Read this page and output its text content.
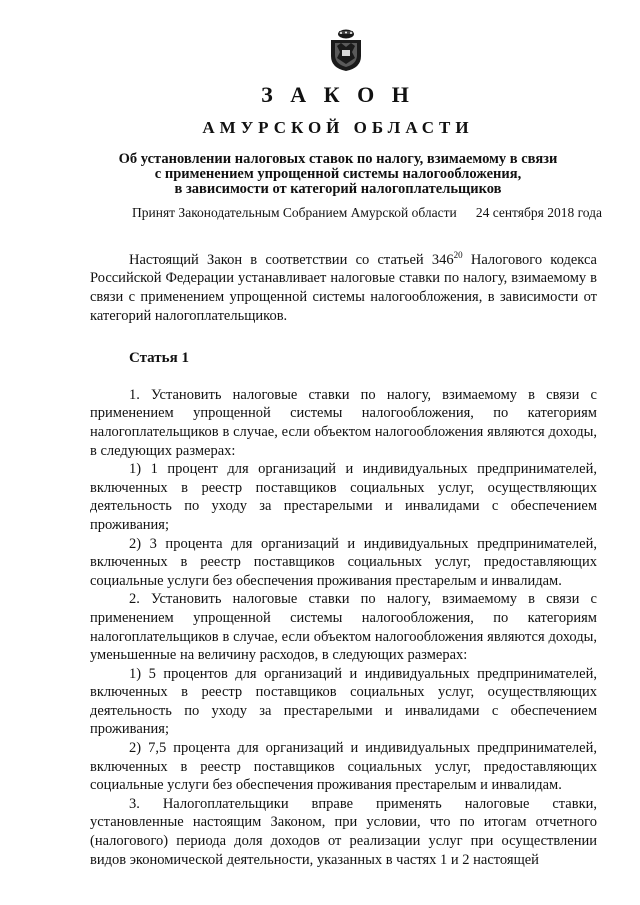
З А К О Н
АМУРСКОЙ ОБЛАСТИ
Об установлении налоговых ставок по налогу, взимаемому в связи
с применением упрощенной системы налогообложения,
в зависимости от категорий налогоплательщиков
Принят Законодательным Собранием Амурской области 24 сентября 2018 года

Настоящий Закон в соответствии со статьей $346^{20}$ Налогового кодекса Российской Федерации устанавливает налоговые ставки по налогу, взимаемому в связи с применением упрощенной системы налогообложения, в зависимости от категорий налогоплательщиков.

Статья 1

1. Установить налоговые ставки по налогу, взимаемому в связи с применением упрощенной системы налогообложения, по категориям налогоплательщиков в случае, если объектом налогообложения являются доходы, в следующих размерах:

1) 1 процент для организаций и индивидуальных предпринимателей, включенных в реестр поставщиков социальных услуг, осуществляющих деятельность по уходу за престарелыми и инвалидами с обеспечением проживания;

2) 3 процента для организаций и индивидуальных предпринимателей, включенных в реестр поставщиков социальных услуг, предоставляющих социальные услуги без обеспечения проживания престарелым и инвалидам.

2. Установить налоговые ставки по налогу, взимаемому в связи с применением упрощенной системы налогообложения, по категориям налогоплательщиков в случае, если объектом налогообложения являются доходы, уменьшенные на величину расходов, в следующих размерах:

1) 5 процентов для организаций и индивидуальных предпринимателей, включенных в реестр поставщиков социальных услуг, осуществляющих деятельность по уходу за престарелыми и инвалидами с обеспечением проживания;

2) 7,5 процента для организаций и индивидуальных предпринимателей, включенных в реестр поставщиков социальных услуг, предоставляющих социальные услуги без обеспечения проживания престарелым и инвалидам.

3. Налогоплательщики вправе применять налоговые ставки, установленные настоящим Законом, при условии, что по итогам отчетного (налогового) периода доля доходов от реализации услуг при осуществлении видов экономической деятельности, указанных в частях 1 и 2 настоящей
